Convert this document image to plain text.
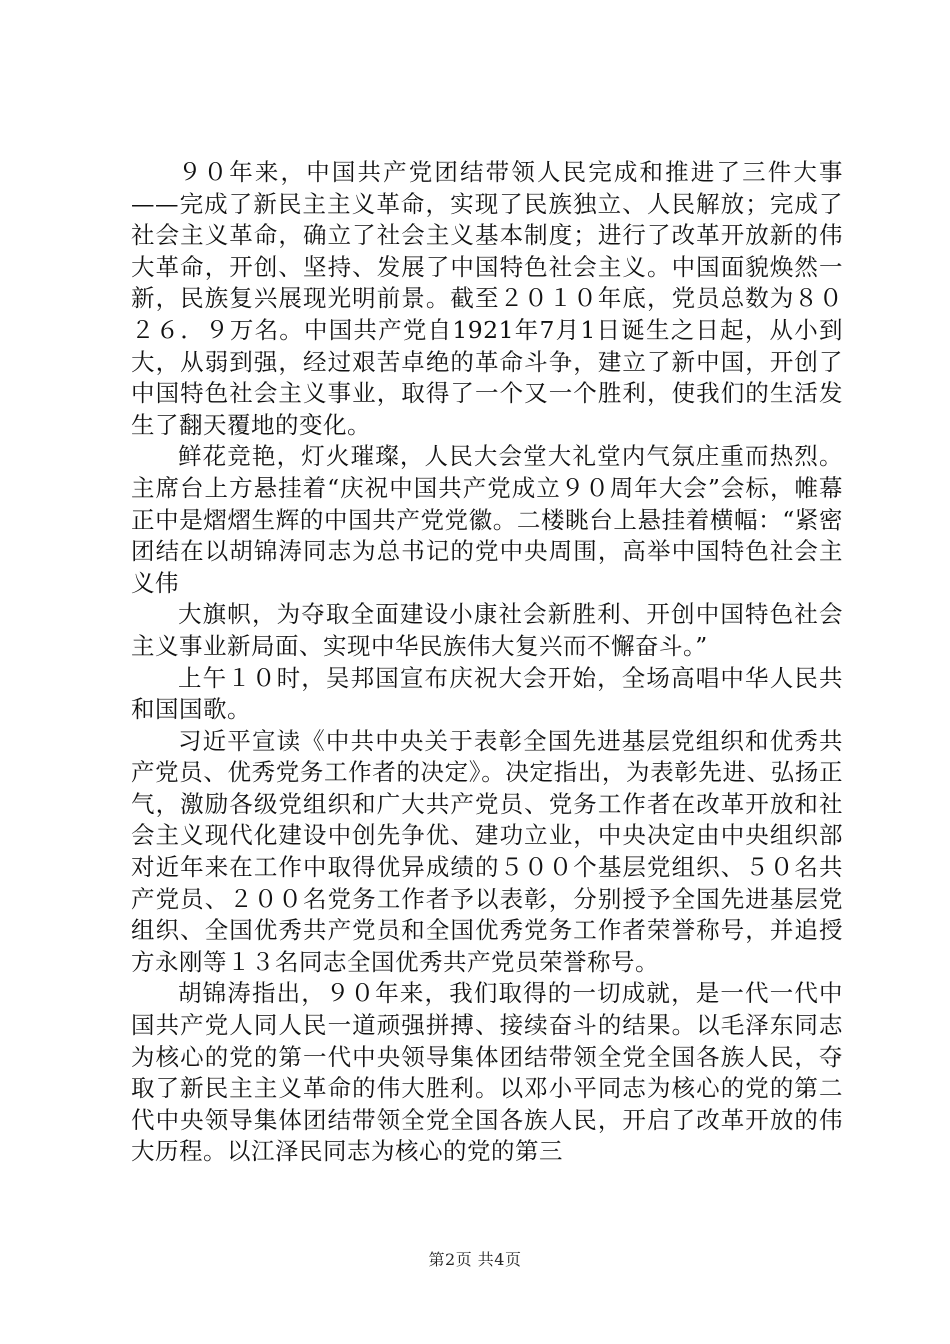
９０年来，中国共产党团结带领人民完成和推进了三件大事——完成了新民主主义革命，实现了民族独立、人民解放；完成了社会主义革命，确立了社会主义基本制度；进行了改革开放新的伟大革命，开创、坚持、发展了中国特色社会主义。中国面貌焕然一新，民族复兴展现光明前景。截至２０１０年底，党员总数为８０２６．９万名。中国共产党自1921年7月1日诞生之日起，从小到大，从弱到强，经过艰苦卓绝的革命斗争，建立了新中国，开创了中国特色社会主义事业，取得了一个又一个胜利，使我们的生活发生了翻天覆地的变化。

鲜花竞艳，灯火璀璨，人民大会堂大礼堂内气氛庄重而热烈。主席台上方悬挂着“庆祝中国共产党成立９０周年大会”会标，帷幕正中是熠熠生辉的中国共产党党徽。二楼眺台上悬挂着横幅：“紧密团结在以胡锦涛同志为总书记的党中央周围，高举中国特色社会主义伟

大旗帜，为夺取全面建设小康社会新胜利、开创中国特色社会主义事业新局面、实现中华民族伟大复兴而不懈奋斗。”

上午１０时，吴邦国宣布庆祝大会开始，全场高唱中华人民共和国国歌。

习近平宣读《中共中央关于表彰全国先进基层党组织和优秀共产党员、优秀党务工作者的决定》。决定指出，为表彰先进、弘扬正气，激励各级党组织和广大共产党员、党务工作者在改革开放和社会主义现代化建设中创先争优、建功立业，中央决定由中央组织部对近年来在工作中取得优异成绩的５００个基层党组织、５０名共产党员、２００名党务工作者予以表彰，分别授予全国先进基层党组织、全国优秀共产党员和全国优秀党务工作者荣誉称号，并追授方永刚等１３名同志全国优秀共产党员荣誉称号。

胡锦涛指出，９０年来，我们取得的一切成就，是一代一代中国共产党人同人民一道顽强拼搏、接续奋斗的结果。以毛泽东同志为核心的党的第一代中央领导集体团结带领全党全国各族人民，夺取了新民主主义革命的伟大胜利。以邓小平同志为核心的党的第二代中央领导集体团结带领全党全国各族人民，开启了改革开放的伟大历程。以江泽民同志为核心的党的第三

第2页 共4页
